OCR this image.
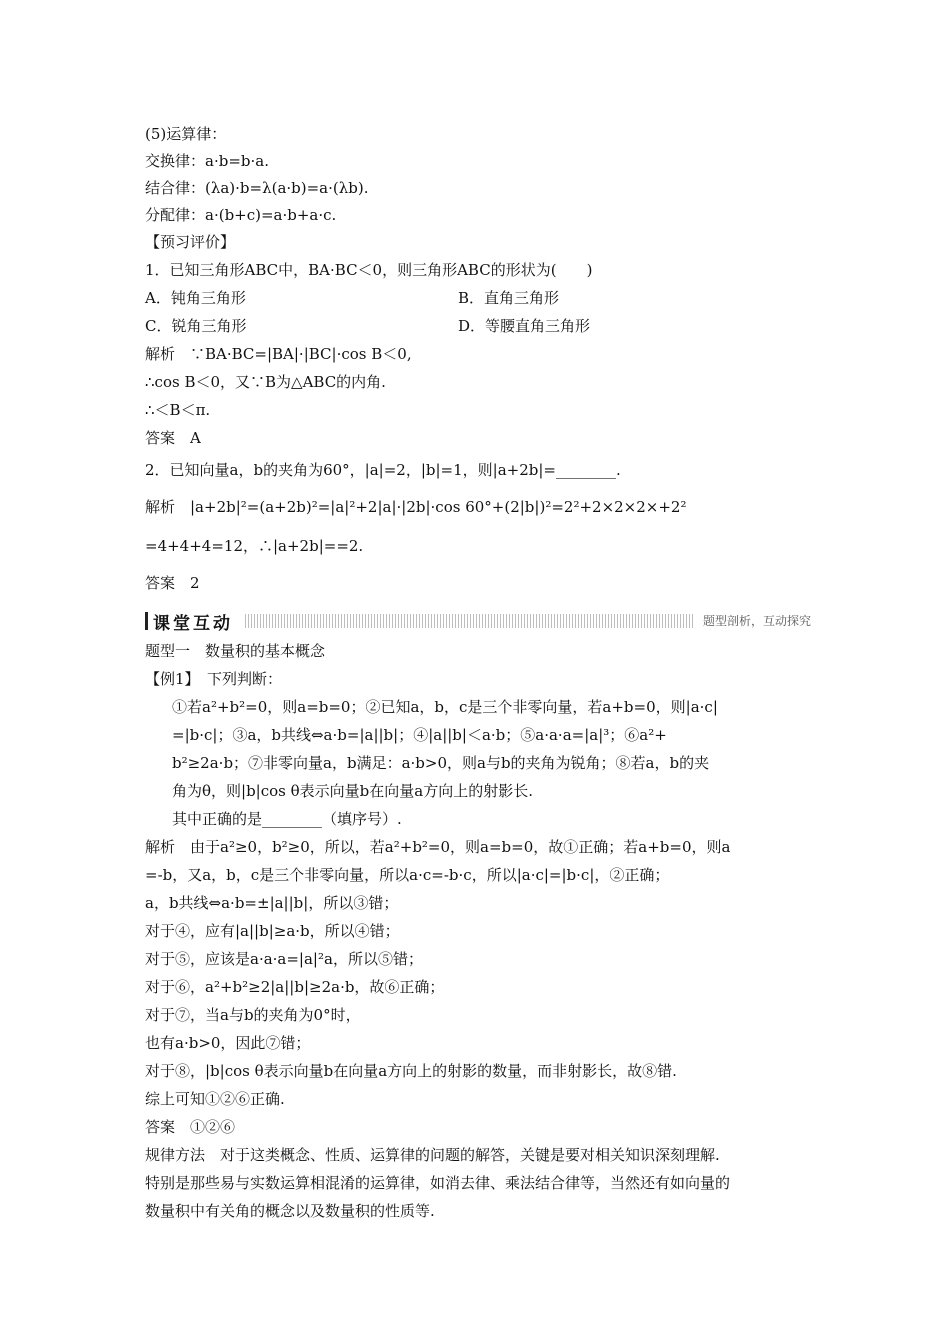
(5)运算律：
交换律：a·b=b·a.
结合律：(λa)·b=λ(a·b)=a·(λb).
分配律：a·(b+c)=a·b+a·c.
【预习评价】
1．已知三角形ABC中，BA·BC＜0，则三角形ABC的形状为(　　)
A．钝角三角形	B．直角三角形
C．锐角三角形	D．等腰直角三角形
解析　∵BA·BC=|BA|·|BC|·cos B＜0,
∴cos B＜0，又∵B为△ABC的内角.
∴＜B＜π.
答案　A
2．已知向量a，b的夹角为60°，|a|=2，|b|=1，则|a+2b|=________.
解析　|a+2b|²=(a+2b)²=|a|²+2|a|·|2b|·cos 60°+(2|b|)²=2²+2×2×2×+2²
=4+4+4=12，∴|a+2b|==2.
答案　2
课堂互动	题型剖析，互动探究
题型一　数量积的基本概念
【例1】　下列判断：
①若a²+b²=0，则a=b=0；②已知a，b，c是三个非零向量，若a+b=0，则|a·c|
=|b·c|；③a，b共线⇔a·b=|a||b|；④|a||b|＜a·b；⑤a·a·a=|a|³；⑥a²+
b²≥2a·b；⑦非零向量a，b满足：a·b>0，则a与b的夹角为锐角；⑧若a，b的夹
角为θ，则|b|cos θ表示向量b在向量a方向上的射影长.
其中正确的是________（填序号）.
解析　由于a²≥0，b²≥0，所以，若a²+b²=0，则a=b=0，故①正确；若a+b=0，则a
=-b，又a，b，c是三个非零向量，所以a·c=-b·c，所以|a·c|=|b·c|，②正确；
a，b共线⇔a·b=±|a||b|，所以③错；
对于④，应有|a||b|≥a·b，所以④错；
对于⑤，应该是a·a·a=|a|²a，所以⑤错；
对于⑥，a²+b²≥2|a||b|≥2a·b，故⑥正确；
对于⑦，当a与b的夹角为0°时，
也有a·b>0，因此⑦错；
对于⑧，|b|cos θ表示向量b在向量a方向上的射影的数量，而非射影长，故⑧错.
综上可知①②⑥正确.
答案　①②⑥
规律方法　对于这类概念、性质、运算律的问题的解答，关键是要对相关知识深刻理解.
特别是那些易与实数运算相混淆的运算律，如消去律、乘法结合律等，当然还有如向量的
数量积中有关角的概念以及数量积的性质等.
